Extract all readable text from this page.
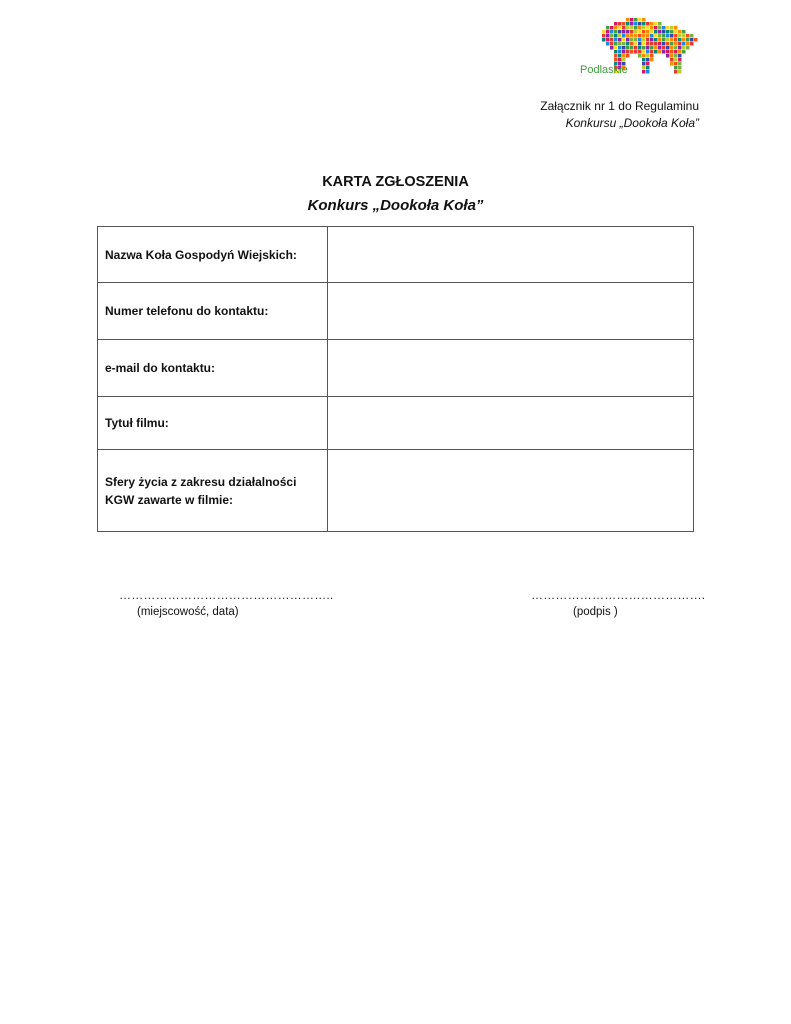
Podlaskie
Załącznik nr 1 do Regulaminu
Konkursu „Dookoła Koła”
KARTA ZGŁOSZENIA
Konkurs „Dookoła Koła”
Nazwa Koła Gospodyń Wiejskich:	
Numer telefonu do kontaktu:	
e-mail do kontaktu:	
Tytuł filmu:	
Sfery życia z zakresu działalności KGW zawarte w filmie:	
……………………………………………..
(miejscowość, data)
…………………………………….
(podpis )
